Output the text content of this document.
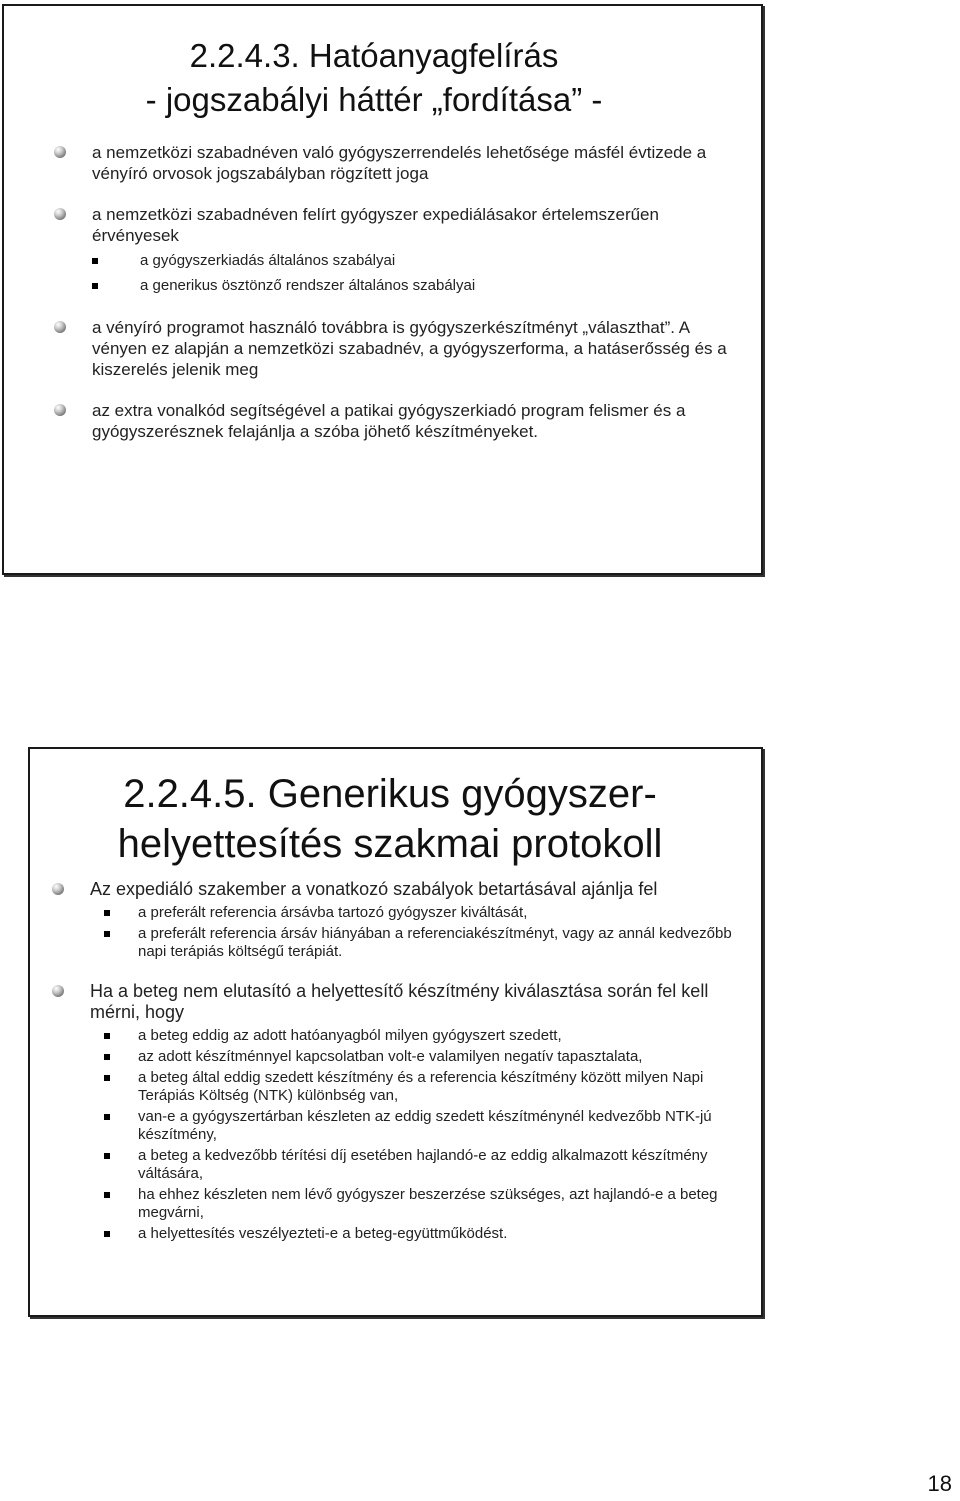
2.2.4.3. Hatóanyagfelírás
- jogszabályi háttér „fordítása” -
a nemzetközi szabadnéven való gyógyszerrendelés lehetősége másfél évtizede a vényíró orvosok jogszabályban rögzített joga
a nemzetközi szabadnéven felírt gyógyszer expediálásakor értelemszerűen érvényesek
a gyógyszerkiadás általános szabályai
a generikus ösztönző rendszer általános szabályai
a vényíró programot használó továbbra is gyógyszerkészítményt „választhat”. A vényen ez alapján a nemzetközi szabadnév, a gyógyszerforma, a hatáserősség és a kiszerelés jelenik meg
az extra vonalkód segítségével a patikai gyógyszerkiadó program felismer és a gyógyszerésznek felajánlja a szóba jöhető készítményeket.
2.2.4.5. Generikus gyógyszer-
helyettesítés szakmai protokoll
Az expediáló szakember a vonatkozó szabályok betartásával ajánlja fel
a preferált referencia ársávba tartozó gyógyszer kiváltását,
a preferált referencia ársáv hiányában a referenciakészítményt, vagy az annál kedvezőbb napi terápiás költségű terápiát.
Ha a beteg nem elutasító a helyettesítő készítmény kiválasztása során fel kell mérni, hogy
a beteg eddig az adott hatóanyagból milyen gyógyszert szedett,
az adott készítménnyel kapcsolatban volt-e valamilyen negatív tapasztalata,
a beteg által eddig szedett készítmény és a referencia készítmény között milyen Napi Terápiás Költség (NTK) különbség van,
van-e a gyógyszertárban készleten az eddig szedett készítménynél kedvezőbb NTK-jú készítmény,
a beteg a kedvezőbb térítési díj esetében hajlandó-e az eddig alkalmazott készítmény váltására,
ha ehhez készleten nem lévő gyógyszer beszerzése szükséges, azt hajlandó-e a beteg megvárni,
a helyettesítés veszélyezteti-e a beteg-együttműködést.
18
